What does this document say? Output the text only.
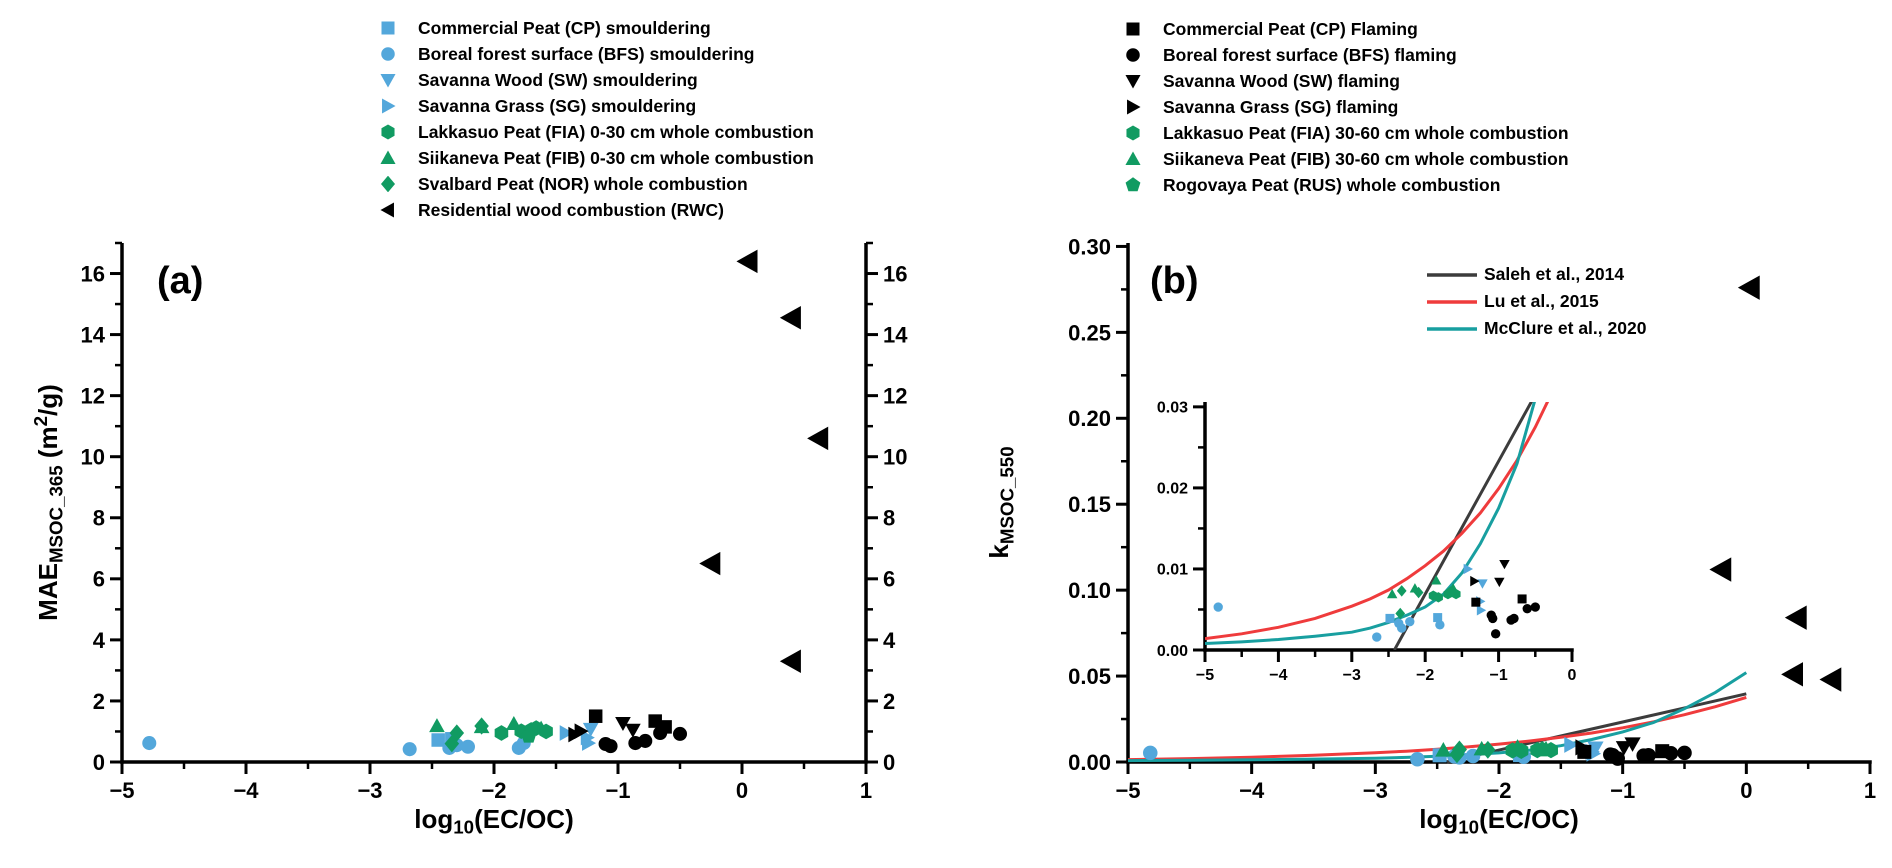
−5	−4	−3	−2	−1	0	1
0	0
2	2
4	4
6	6
8	8
10	10
12	12
14	14
16	16
$\log_{10}(EC/OC)$
$MAE_{MSOC\_365}$ $(m^2/g)$
−5	−4	−3	−2	−1	0	1
0.00
0.05
0.10
0.15
0.20
0.25
0.30
$\log_{10}(EC/OC)$
$k_{MSOC\_550}$
−5	−4	−3	−2	−1	0
0.00
0.01
0.02
0.03
(a)	(b)
Commercial Peat (CP) smouldering
Boreal forest surface (BFS) smouldering
Savanna Wood (SW) smouldering
Savanna Grass (SG) smouldering
Lakkasuo Peat (FIA) 0-30 cm whole combustion
Siikaneva Peat (FIB) 0-30 cm whole combustion
Svalbard Peat (NOR) whole combustion
Residential wood combustion (RWC)
Commercial Peat (CP) Flaming
Boreal forest surface (BFS) flaming
Savanna Wood (SW) flaming
Savanna Grass (SG) flaming
Lakkasuo Peat (FIA) 30-60 cm whole combustion
Siikaneva Peat (FIB) 30-60 cm whole combustion
Rogovaya Peat (RUS) whole combustion
Saleh et al., 2014
Lu et al., 2015
McClure et al., 2020
